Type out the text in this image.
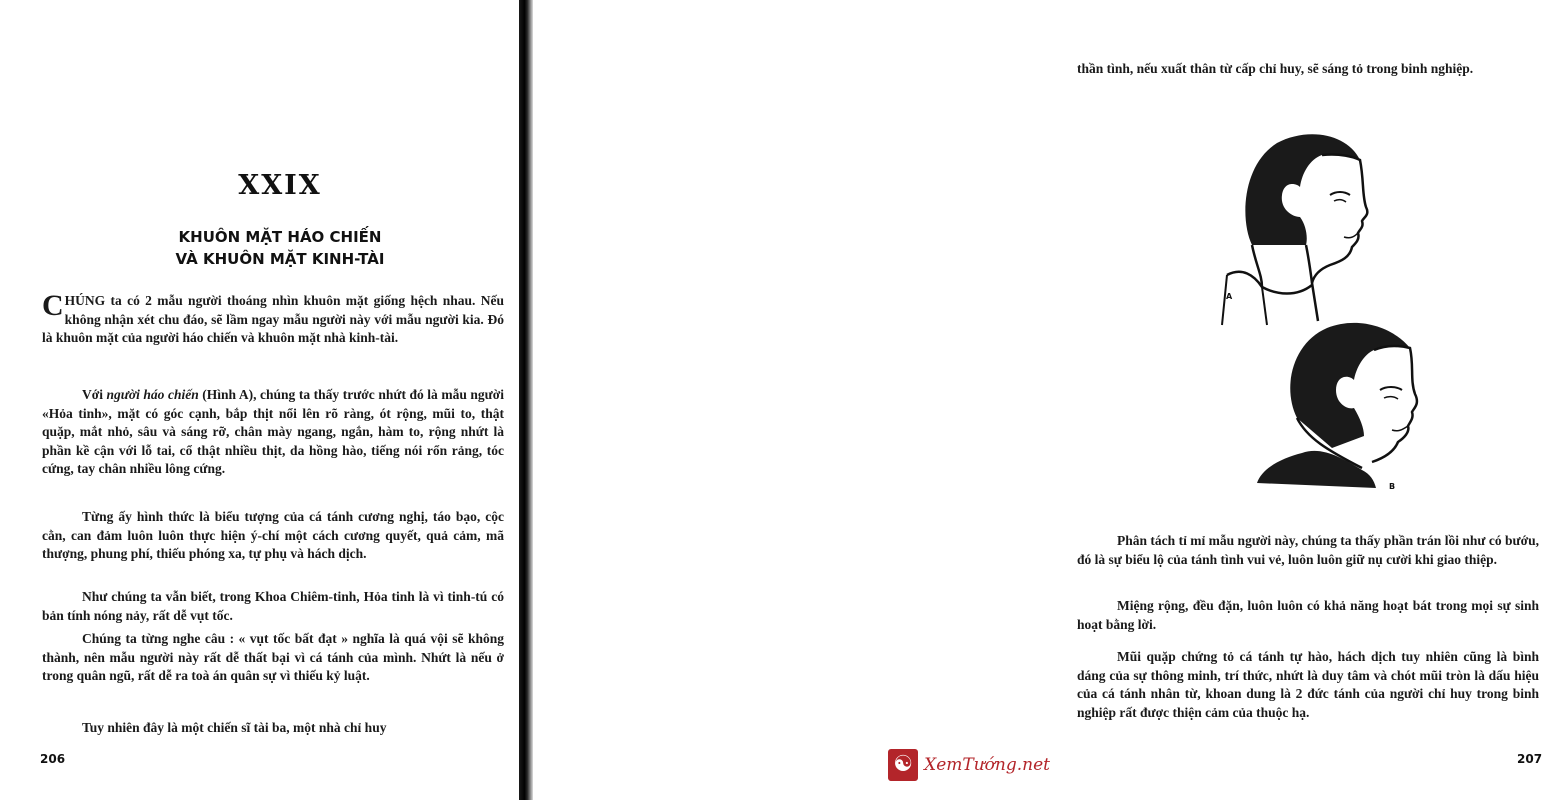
XXIX
KHUÔN MẶT HÁO CHIẾN
VÀ KHUÔN MẶT KINH-TÀI

CHÚNG ta có 2 mẫu người thoáng nhìn khuôn mặt giống hệch nhau. Nếu không nhận xét chu đáo, sẽ lầm ngay mẫu người này với mẫu người kia. Đó là khuôn mặt của người háo chiến và khuôn mặt nhà kinh-tài.

Với người háo chiến (Hình A), chúng ta thấy trước nhứt đó là mẫu người «Hỏa tinh», mặt có góc cạnh, bắp thịt nổi lên rõ ràng, ót rộng, mũi to, thật quặp, mắt nhỏ, sâu và sáng rỡ, chân mày ngang, ngắn, hàm to, rộng nhứt là phần kề cận với lỗ tai, cổ thật nhiều thịt, da hồng hào, tiếng nói rổn rảng, tóc cứng, tay chân nhiều lông cứng.

Từng ấy hình thức là biểu tượng của cá tánh cương nghị, táo bạo, cộc cằn, can đảm luôn luôn thực hiện ý-chí một cách cương quyết, quả cảm, mã thượng, phung phí, thiếu phóng xa, tự phụ và hách dịch.

Như chúng ta vẫn biết, trong Khoa Chiêm-tinh, Hỏa tinh là vì tinh-tú có bản tính nóng nảy, rất dễ vụt tốc.

Chúng ta từng nghe câu : « vụt tốc bất đạt » nghĩa là quá vội sẽ không thành, nên mẫu người này rất dễ thất bại vì cá tánh của mình. Nhứt là nếu ở trong quân ngũ, rất dễ ra toà án quân sự vì thiếu kỷ luật.

Tuy nhiên đây là một chiến sĩ tài ba, một nhà chỉ huy

206

thần tình, nếu xuất thân từ cấp chỉ huy, sẽ sáng tỏ trong binh nghiệp.

A
B

Phân tách tỉ mỉ mẫu người này, chúng ta thấy phần trán lồi như có bướu, đó là sự biểu lộ của tánh tình vui vẻ, luôn luôn giữ nụ cười khi giao thiệp.

Miệng rộng, đều đặn, luôn luôn có khả năng hoạt bát trong mọi sự sinh hoạt bằng lời.

Mũi quặp chứng tỏ cá tánh tự hào, hách dịch tuy nhiên cũng là bình dáng của sự thông minh, trí thức, nhứt là duy tâm và chót mũi tròn là dấu hiệu của cá tánh nhân từ, khoan dung là 2 đức tánh của người chỉ huy trong binh nghiệp rất được thiện cảm của thuộc hạ.

207
☯ XemTướng.net
